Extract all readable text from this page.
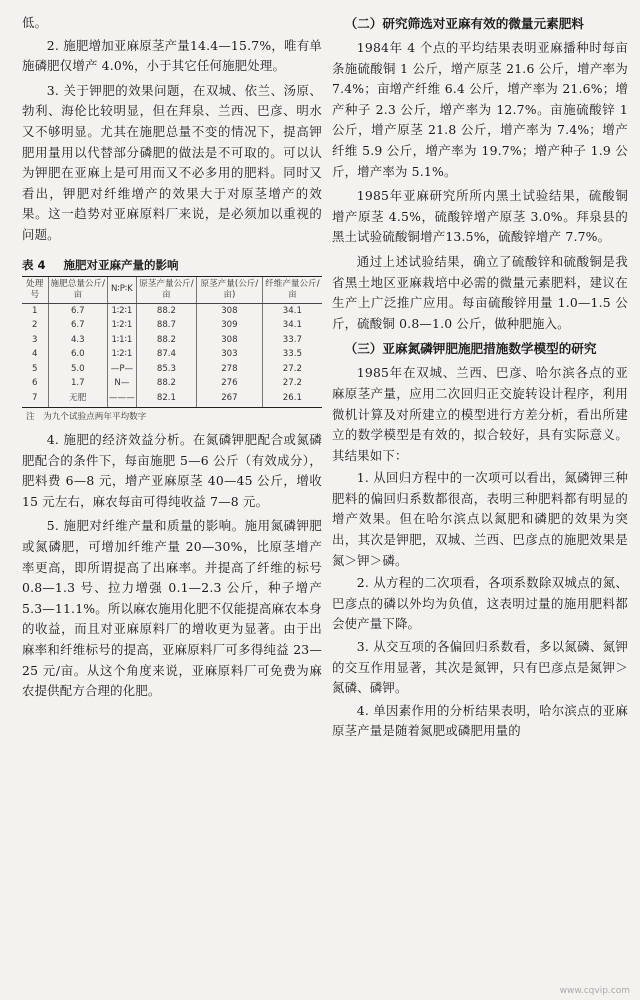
低。

2. 施肥增加亚麻原茎产量14.4—15.7%，唯有单施磷肥仅增产 4.0%，小于其它任何施肥处理。

3. 关于钾肥的效果问题，在双城、依兰、汤原、勃利、海伦比较明显，但在拜泉、兰西、巴彦、明水又不够明显。尤其在施肥总量不变的情况下，提高钾肥用量用以代替部分磷肥的做法是不可取的。可以认为钾肥在亚麻上是可用而又不必多用的肥料。同时又看出，钾肥对纤维增产的效果大于对原茎增产的效果。这一趋势对亚麻原料厂来说，是必须加以重视的问题。

表 4 施肥对亚麻产量的影响

处理号	施肥总量公斤/亩	N∶P∶K	原茎产量公斤/亩	原茎产量(公斤/亩)	纤维产量公斤/亩
1	6.7	1∶2∶1	88.2	308	34.1
2	6.7	1∶2∶1	88.7	309	34.1
3	4.3	1∶1∶1	88.2	308	33.7
4	6.0	1∶2∶1	87.4	303	33.5
5	5.0	—P—	85.3	278	27.2
6	1.7	N—	88.2	276	27.2
7	无肥	———	82.1	267	26.1

注　为九个试验点两年平均数字

4. 施肥的经济效益分析。在氮磷钾肥配合或氮磷肥配合的条件下，每亩施肥 5—6 公斤（有效成分），肥料费 6—8 元，增产亚麻原茎 40—45 公斤，增收 15 元左右，麻农每亩可得纯收益 7—8 元。

5. 施肥对纤维产量和质量的影响。施用氮磷钾肥或氮磷肥，可增加纤维产量 20—30%，比原茎增产率更高，即所谓提高了出麻率。并提高了纤维的标号 0.8—1.3 号、拉力增强 0.1—2.3 公斤，种子增产5.3—11.1%。所以麻农施用化肥不仅能提高麻农本身的收益，而且对亚麻原料厂的增收更为显著。由于出麻率和纤维标号的提高，亚麻原料厂可多得纯益 23—25 元/亩。从这个角度来说，亚麻原料厂可免费为麻农提供配方合理的化肥。

（二）研究筛选对亚麻有效的微量元素肥料

1984年 4 个点的平均结果表明亚麻播种时每亩条施硫酸铜 1 公斤，增产原茎 21.6 公斤，增产率为 7.4%；亩增产纤维 6.4 公斤，增产率为 21.6%；增产种子 2.3 公斤，增产率为 12.7%。亩施硫酸锌 1 公斤，增产原茎 21.8 公斤，增产率为 7.4%；增产纤维 5.9 公斤，增产率为 19.7%；增产种子 1.9 公斤，增产率为 5.1%。

1985年亚麻研究所所内黑土试验结果，硫酸铜增产原茎 4.5%，硫酸锌增产原茎 3.0%。拜泉县的黑土试验硫酸铜增产13.5%，硫酸锌增产 7.7%。

通过上述试验结果，确立了硫酸锌和硫酸铜是我省黑土地区亚麻栽培中必需的微量元素肥料，建议在生产上广泛推广应用。每亩硫酸锌用量 1.0—1.5 公斤，硫酸铜 0.8—1.0 公斤，做种肥施入。

（三）亚麻氮磷钾肥施肥措施数学模型的研究

1985年在双城、兰西、巴彦、哈尔滨各点的亚麻原茎产量，应用二次回归正交旋转设计程序，利用微机计算及对所建立的模型进行方差分析，看出所建立的数学模型是有效的，拟合较好，具有实际意义。其结果如下：

1. 从回归方程中的一次项可以看出，氮磷钾三种肥料的偏回归系数都很高，表明三种肥料都有明显的增产效果。但在哈尔滨点以氮肥和磷肥的效果为突出，其次是钾肥，双城、兰西、巴彦点的施肥效果是氮＞钾＞磷。

2. 从方程的二次项看，各项系数除双城点的氮、巴彦点的磷以外均为负值，这表明过量的施用肥料都会使产量下降。

3. 从交互项的各偏回归系数看，多以氮磷、氮钾的交互作用显著，其次是氮钾，只有巴彦点是氮钾＞氮磷、磷钾。

4. 单因素作用的分析结果表明，哈尔滨点的亚麻原茎产量是随着氮肥或磷肥用量的

www.cqvip.com
